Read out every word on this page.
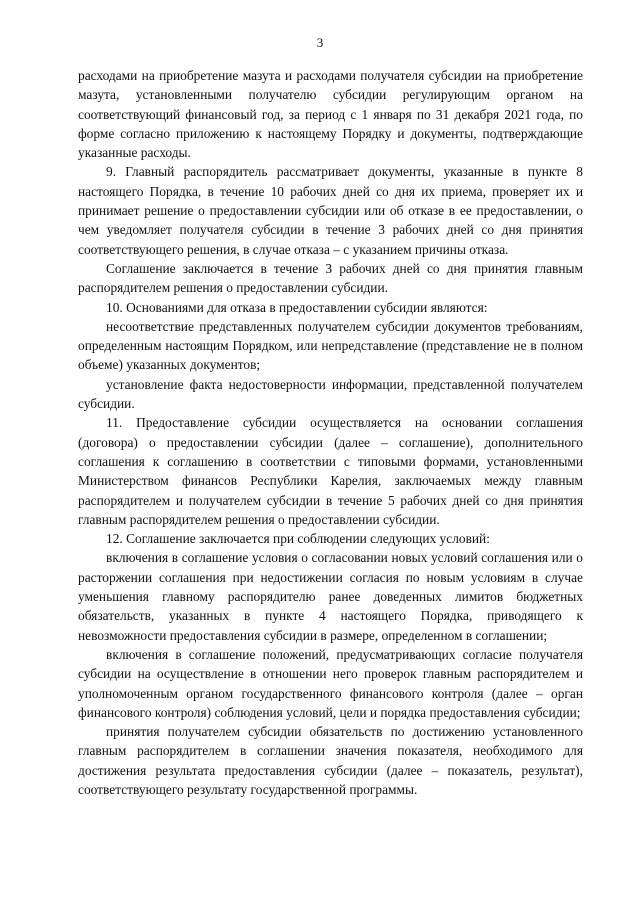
3

расходами на приобретение мазута и расходами получателя субсидии на приобретение мазута, установленными получателю субсидии регулирующим органом на соответствующий финансовый год, за период с 1 января по 31 декабря 2021 года, по форме согласно приложению к настоящему Порядку и документы, подтверждающие указанные расходы.

9. Главный распорядитель рассматривает документы, указанные в пункте 8 настоящего Порядка, в течение 10 рабочих дней со дня их приема, проверяет их и принимает решение о предоставлении субсидии или об отказе в ее предоставлении, о чем уведомляет получателя субсидии в течение 3 рабочих дней со дня принятия соответствующего решения, в случае отказа – с указанием причины отказа.

Соглашение заключается в течение 3 рабочих дней со дня принятия главным распорядителем решения о предоставлении субсидии.

10. Основаниями для отказа в предоставлении субсидии являются:

несоответствие представленных получателем субсидии документов требованиям, определенным настоящим Порядком, или непредставление (представление не в полном объеме) указанных документов;

установление факта недостоверности информации, представленной получателем субсидии.

11. Предоставление субсидии осуществляется на основании соглашения (договора) о предоставлении субсидии (далее – соглашение), дополнительного соглашения к соглашению в соответствии с типовыми формами, установленными Министерством финансов Республики Карелия, заключаемых между главным распорядителем и получателем субсидии в течение 5 рабочих дней со дня принятия главным распорядителем решения о предоставлении субсидии.

12. Соглашение заключается при соблюдении следующих условий:

включения в соглашение условия о согласовании новых условий соглашения или о расторжении соглашения при недостижении согласия по новым условиям в случае уменьшения главному распорядителю ранее доведенных лимитов бюджетных обязательств, указанных в пункте 4 настоящего Порядка, приводящего к невозможности предоставления субсидии в размере, определенном в соглашении;

включения в соглашение положений, предусматривающих согласие получателя субсидии на осуществление в отношении него проверок главным распорядителем и уполномоченным органом государственного финансового контроля (далее – орган финансового контроля) соблюдения условий, цели и порядка предоставления субсидии;

принятия получателем субсидии обязательств по достижению установленного главным распорядителем в соглашении значения показателя, необходимого для достижения результата предоставления субсидии (далее – показатель, результат), соответствующего результату государственной программы.
